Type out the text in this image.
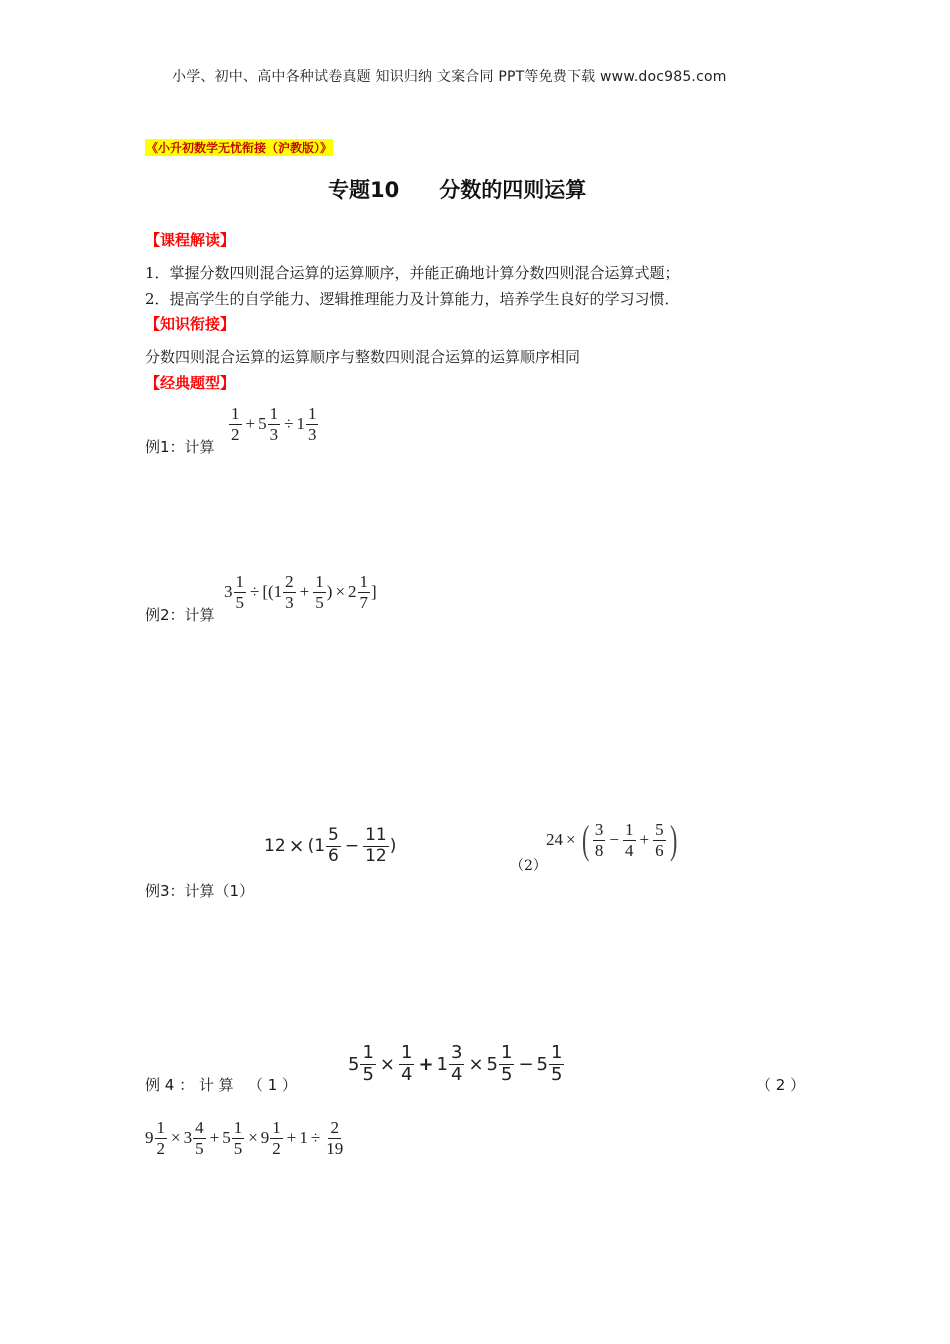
小学、初中、高中各种试卷真题 知识归纳 文案合同 PPT等免费下载 www.doc985.com
《小升初数学无忧衔接（沪教版）》
专题10 分数的四则运算
【课程解读】
1．掌握分数四则混合运算的运算顺序，并能正确地计算分数四则混合运算式题；
2．提高学生的自学能力、逻辑推理能力及计算能力，培养学生良好的学习习惯．
【知识衔接】
分数四则混合运算的运算顺序与整数四则混合运算的运算顺序相同
【经典题型】
例1：计算
$\frac{1}{2} + 5 \frac{1}{3} \div 1 \frac{1}{3}$
例2：计算
$3 \frac{1}{5} \div [(1 \frac{2}{3} + \frac{1}{5}$ ) × $2 \frac{1}{7}$ ]
$12 \times (1 \frac{5}{6} - \frac{11}{12}$ )
（2）
24 × ( $\frac{3}{8} - \frac{1}{4} + \frac{5}{6}$ )
例3：计算（1）
例 4 ： 计 算   （ 1 ）
$5 \frac{1}{5} \times \frac{1}{4} + 1 \frac{3}{4} \times 5 \frac{1}{5} - 5 \frac{1}{5}$	（ 2 ）
$9 \frac{1}{2} \times 3 \frac{4}{5} + 5 \frac{1}{5} \times 9 \frac{1}{2} + 1 \div \frac{2}{19}$
